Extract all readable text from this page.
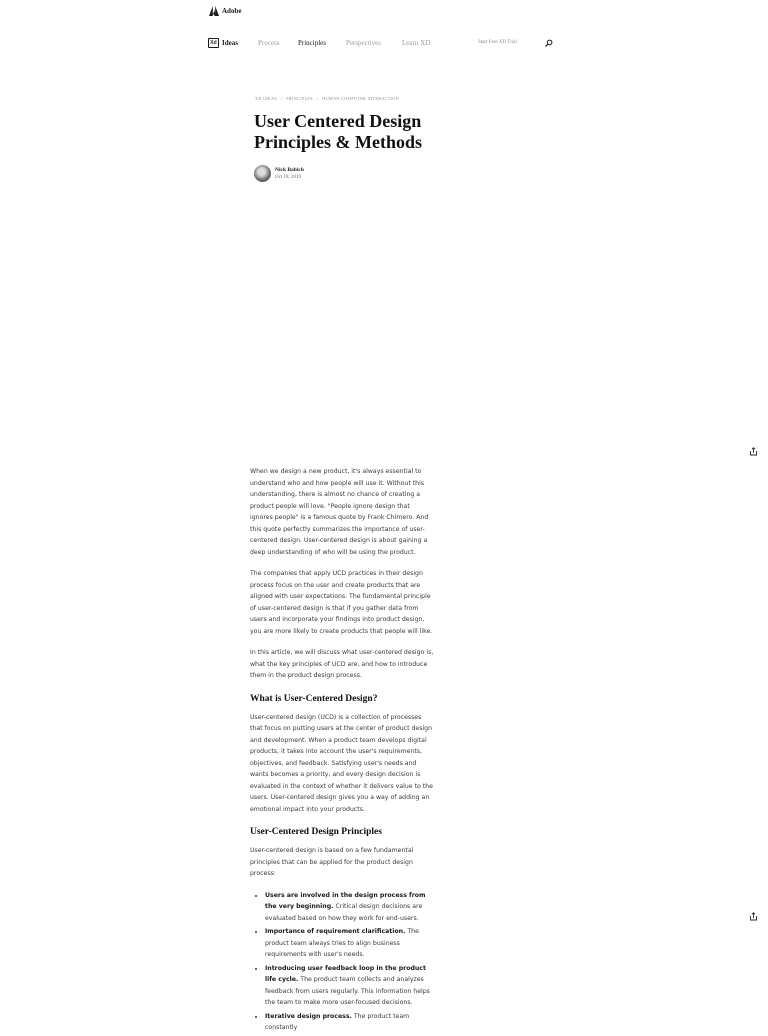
Adobe
Xd Ideas	Process	Principles	Perspectives	Learn XD	Start Free XD Trial
XD IDEAS / PRINCIPLES / HUMAN COMPUTER INTERACTION
User Centered Design Principles & Methods
Nick Babich
Oct 18, 2019

When we design a new product, it's always essential to understand who and how people will use it. Without this understanding, there is almost no chance of creating a product people will love. "People ignore design that ignores people" is a famous quote by Frank Chimero. And this quote perfectly summarizes the importance of user-centered design. User-centered design is about gaining a deep understanding of who will be using the product.

The companies that apply UCD practices in their design process focus on the user and create products that are aligned with user expectations. The fundamental principle of user-centered design is that if you gather data from users and incorporate your findings into product design, you are more likely to create products that people will like.

In this article, we will discuss what user-centered design is, what the key principles of UCD are, and how to introduce them in the product design process.

What is User-Centered Design?

User-centered design (UCD) is a collection of processes that focus on putting users at the center of product design and development. When a product team develops digital products, it takes into account the user's requirements, objectives, and feedback. Satisfying user's needs and wants becomes a priority, and every design decision is evaluated in the context of whether it delivers value to the users. User-centered design gives you a way of adding an emotional impact into your products.

User-Centered Design Principles

User-centered design is based on a few fundamental principles that can be applied for the product design process:

• Users are involved in the design process from the very beginning. Critical design decisions are evaluated based on how they work for end-users.
• Importance of requirement clarification. The product team always tries to align business requirements with user's needs.
• Introducing user feedback loop in the product life cycle. The product team collects and analyzes feedback from users regularly. This information helps the team to make more user-focused decisions.
• Iterative design process. The product team constantly
